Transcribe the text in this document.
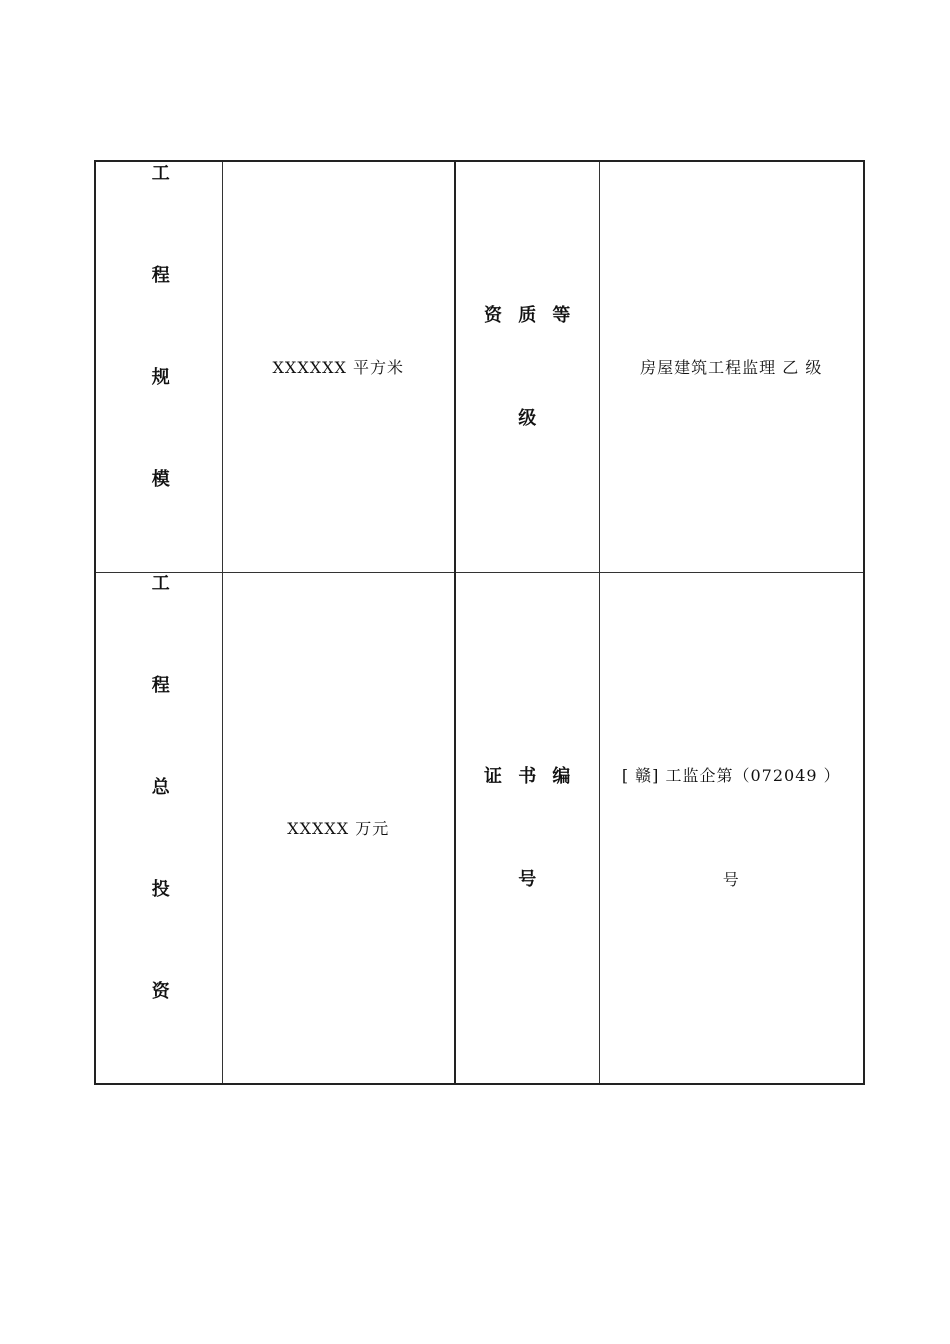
工程规模	XXXXXX 平方米	资质等级	房屋建筑工程监理 乙 级

工程总投资	XXXXX 万元	证书编号	[ 赣] 工监企第（072049 ）号
